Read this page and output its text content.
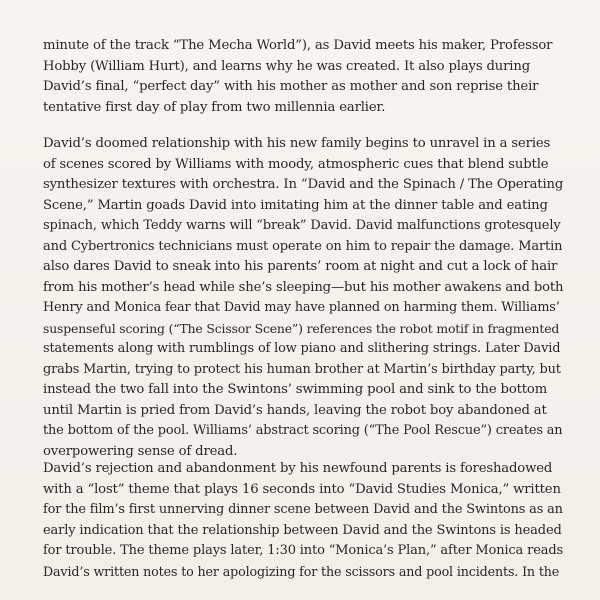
minute of the track “The Mecha World”), as David meets his maker, Professor
Hobby (William Hurt), and learns why he was created. It also plays during
David’s final, “perfect day” with his mother as mother and son reprise their
tentative first day of play from two millennia earlier.

David’s doomed relationship with his new family begins to unravel in a series
of scenes scored by Williams with moody, atmospheric cues that blend subtle
synthesizer textures with orchestra. In “David and the Spinach / The Operating
Scene,” Martin goads David into imitating him at the dinner table and eating
spinach, which Teddy warns will “break” David. David malfunctions grotesquely
and Cybertronics technicians must operate on him to repair the damage. Martin
also dares David to sneak into his parents’ room at night and cut a lock of hair
from his mother’s head while she’s sleeping—but his mother awakens and both
Henry and Monica fear that David may have planned on harming them. Williams’
suspenseful scoring (“The Scissor Scene”) references the robot motif in fragmented
statements along with rumblings of low piano and slithering strings. Later David
grabs Martin, trying to protect his human brother at Martin’s birthday party, but
instead the two fall into the Swintons’ swimming pool and sink to the bottom
until Martin is pried from David’s hands, leaving the robot boy abandoned at
the bottom of the pool. Williams’ abstract scoring (“The Pool Rescue”) creates an
overpowering sense of dread.

David’s rejection and abandonment by his newfound parents is foreshadowed
with a “lost” theme that plays 16 seconds into “David Studies Monica,” written
for the film’s first unnerving dinner scene between David and the Swintons as an
early indication that the relationship between David and the Swintons is headed
for trouble. The theme plays later, 1:30 into “Monica’s Plan,” after Monica reads
David’s written notes to her apologizing for the scissors and pool incidents. In the
